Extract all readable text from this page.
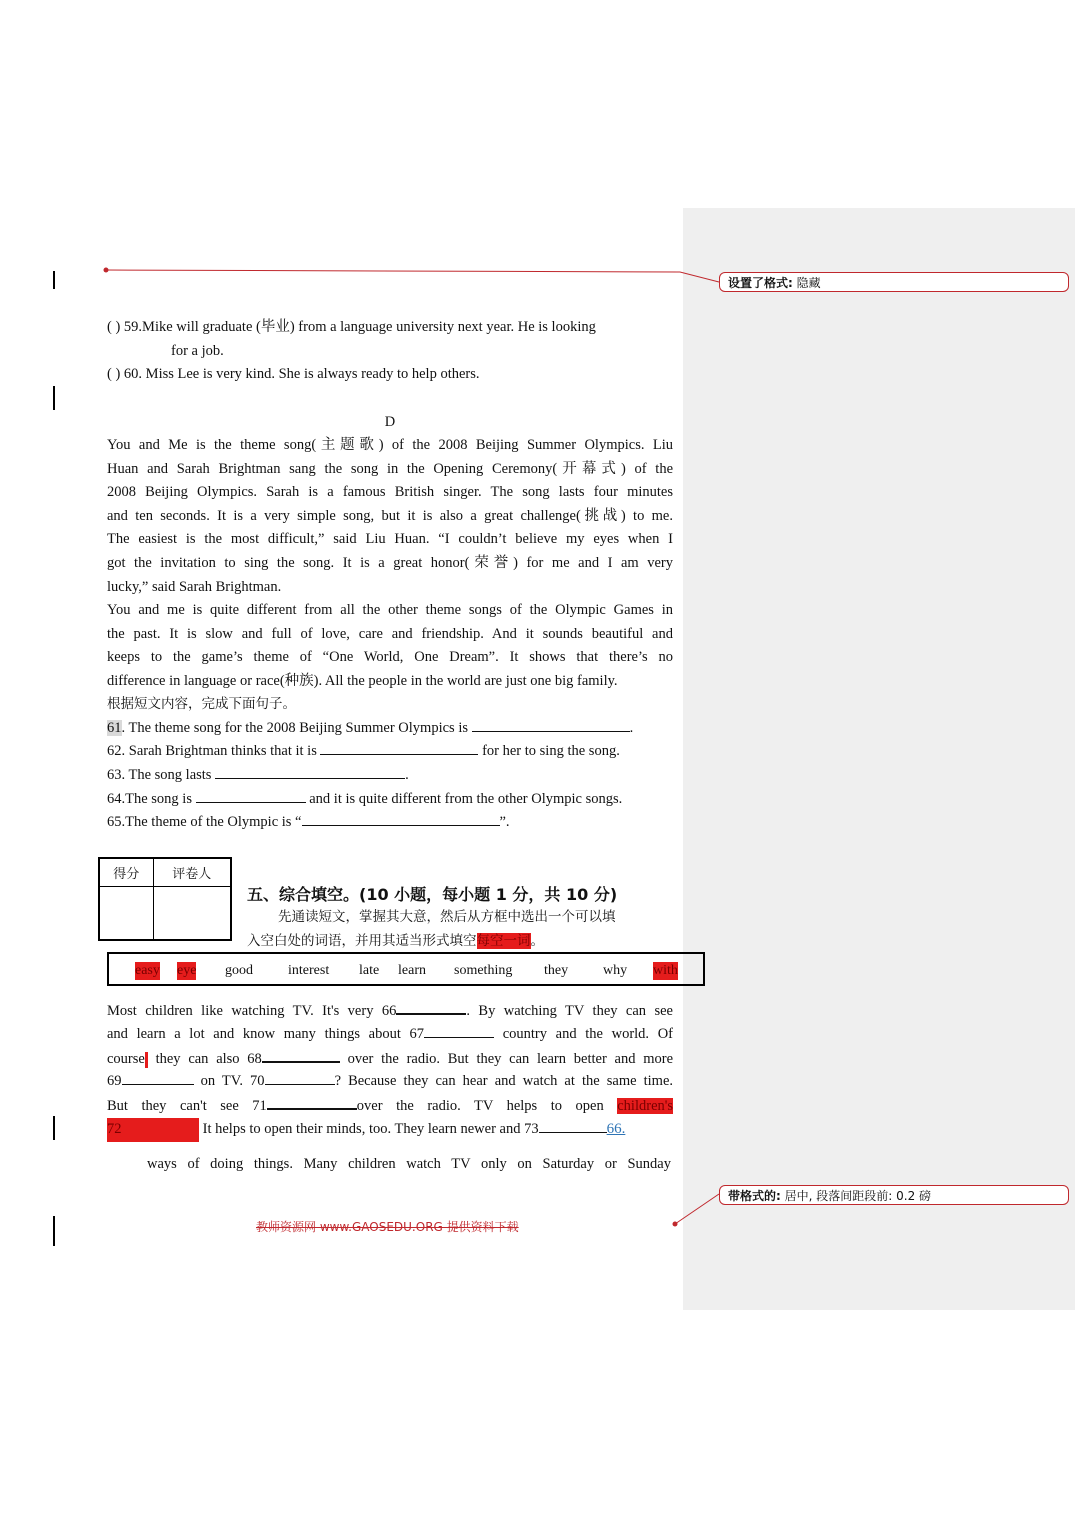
设置了格式: 隐藏
带格式的: 居中, 段落间距段前: 0.2 磅
( ) 59.Mike will graduate (毕业) from a language university next year. He is looking
for a job.
( ) 60. Miss Lee is very kind. She is always ready to help others.
D
You and Me is the theme song(主题歌) of the 2008 Beijing Summer Olympics. Liu
Huan and Sarah Brightman sang the song in the Opening Ceremony(开幕式) of the
2008 Beijing Olympics. Sarah is a famous British singer. The song lasts four minutes
and ten seconds. It is a very simple song, but it is also a great challenge(挑战) to me.
The easiest is the most difficult,” said Liu Huan. “I couldn’t believe my eyes when I
got the invitation to sing the song. It is a great honor(荣誉) for me and I am very
lucky,” said Sarah Brightman.
You and me is quite different from all the other theme songs of the Olympic Games in
the past. It is slow and full of love, care and friendship. And it sounds beautiful and
keeps to the game’s theme of “One World, One Dream”. It shows that there’s no
difference in language or race(种族). All the people in the world are just one big family.
根据短文内容，完成下面句子。
61. The theme song for the 2008 Beijing Summer Olympics is	.
62. Sarah Brightman thinks that it is	for her to sing the song.
63. The song lasts	.
64.The song is	and it is quite different from the other Olympic songs.
65.The theme of the Olympic is “	”.
得分	评卷人

五、综合填空。(10 小题，每小题 1 分，共 10 分)
先通读短文，掌握其大意，然后从方框中选出一个可以填
入空白处的词语，并用其适当形式填空每空一词。
easy eye good	interest late learn something they why with
Most children like watching TV. It's very 66	. By watching TV they can see
and learn a lot and know many things about 67	country and the world. Of
course they can also 68	over the radio. But they can learn better and more
69	on TV. 70	? Because they can hear and watch at the same time.
But they can't see 71	over the radio. TV helps to open children's
72	It helps to open their minds, too. They learn newer and 73	66.
ways of doing things. Many children watch TV only on Saturday or Sunday
教师资源网 www.GAOSEDU.ORG 提供资料下载
